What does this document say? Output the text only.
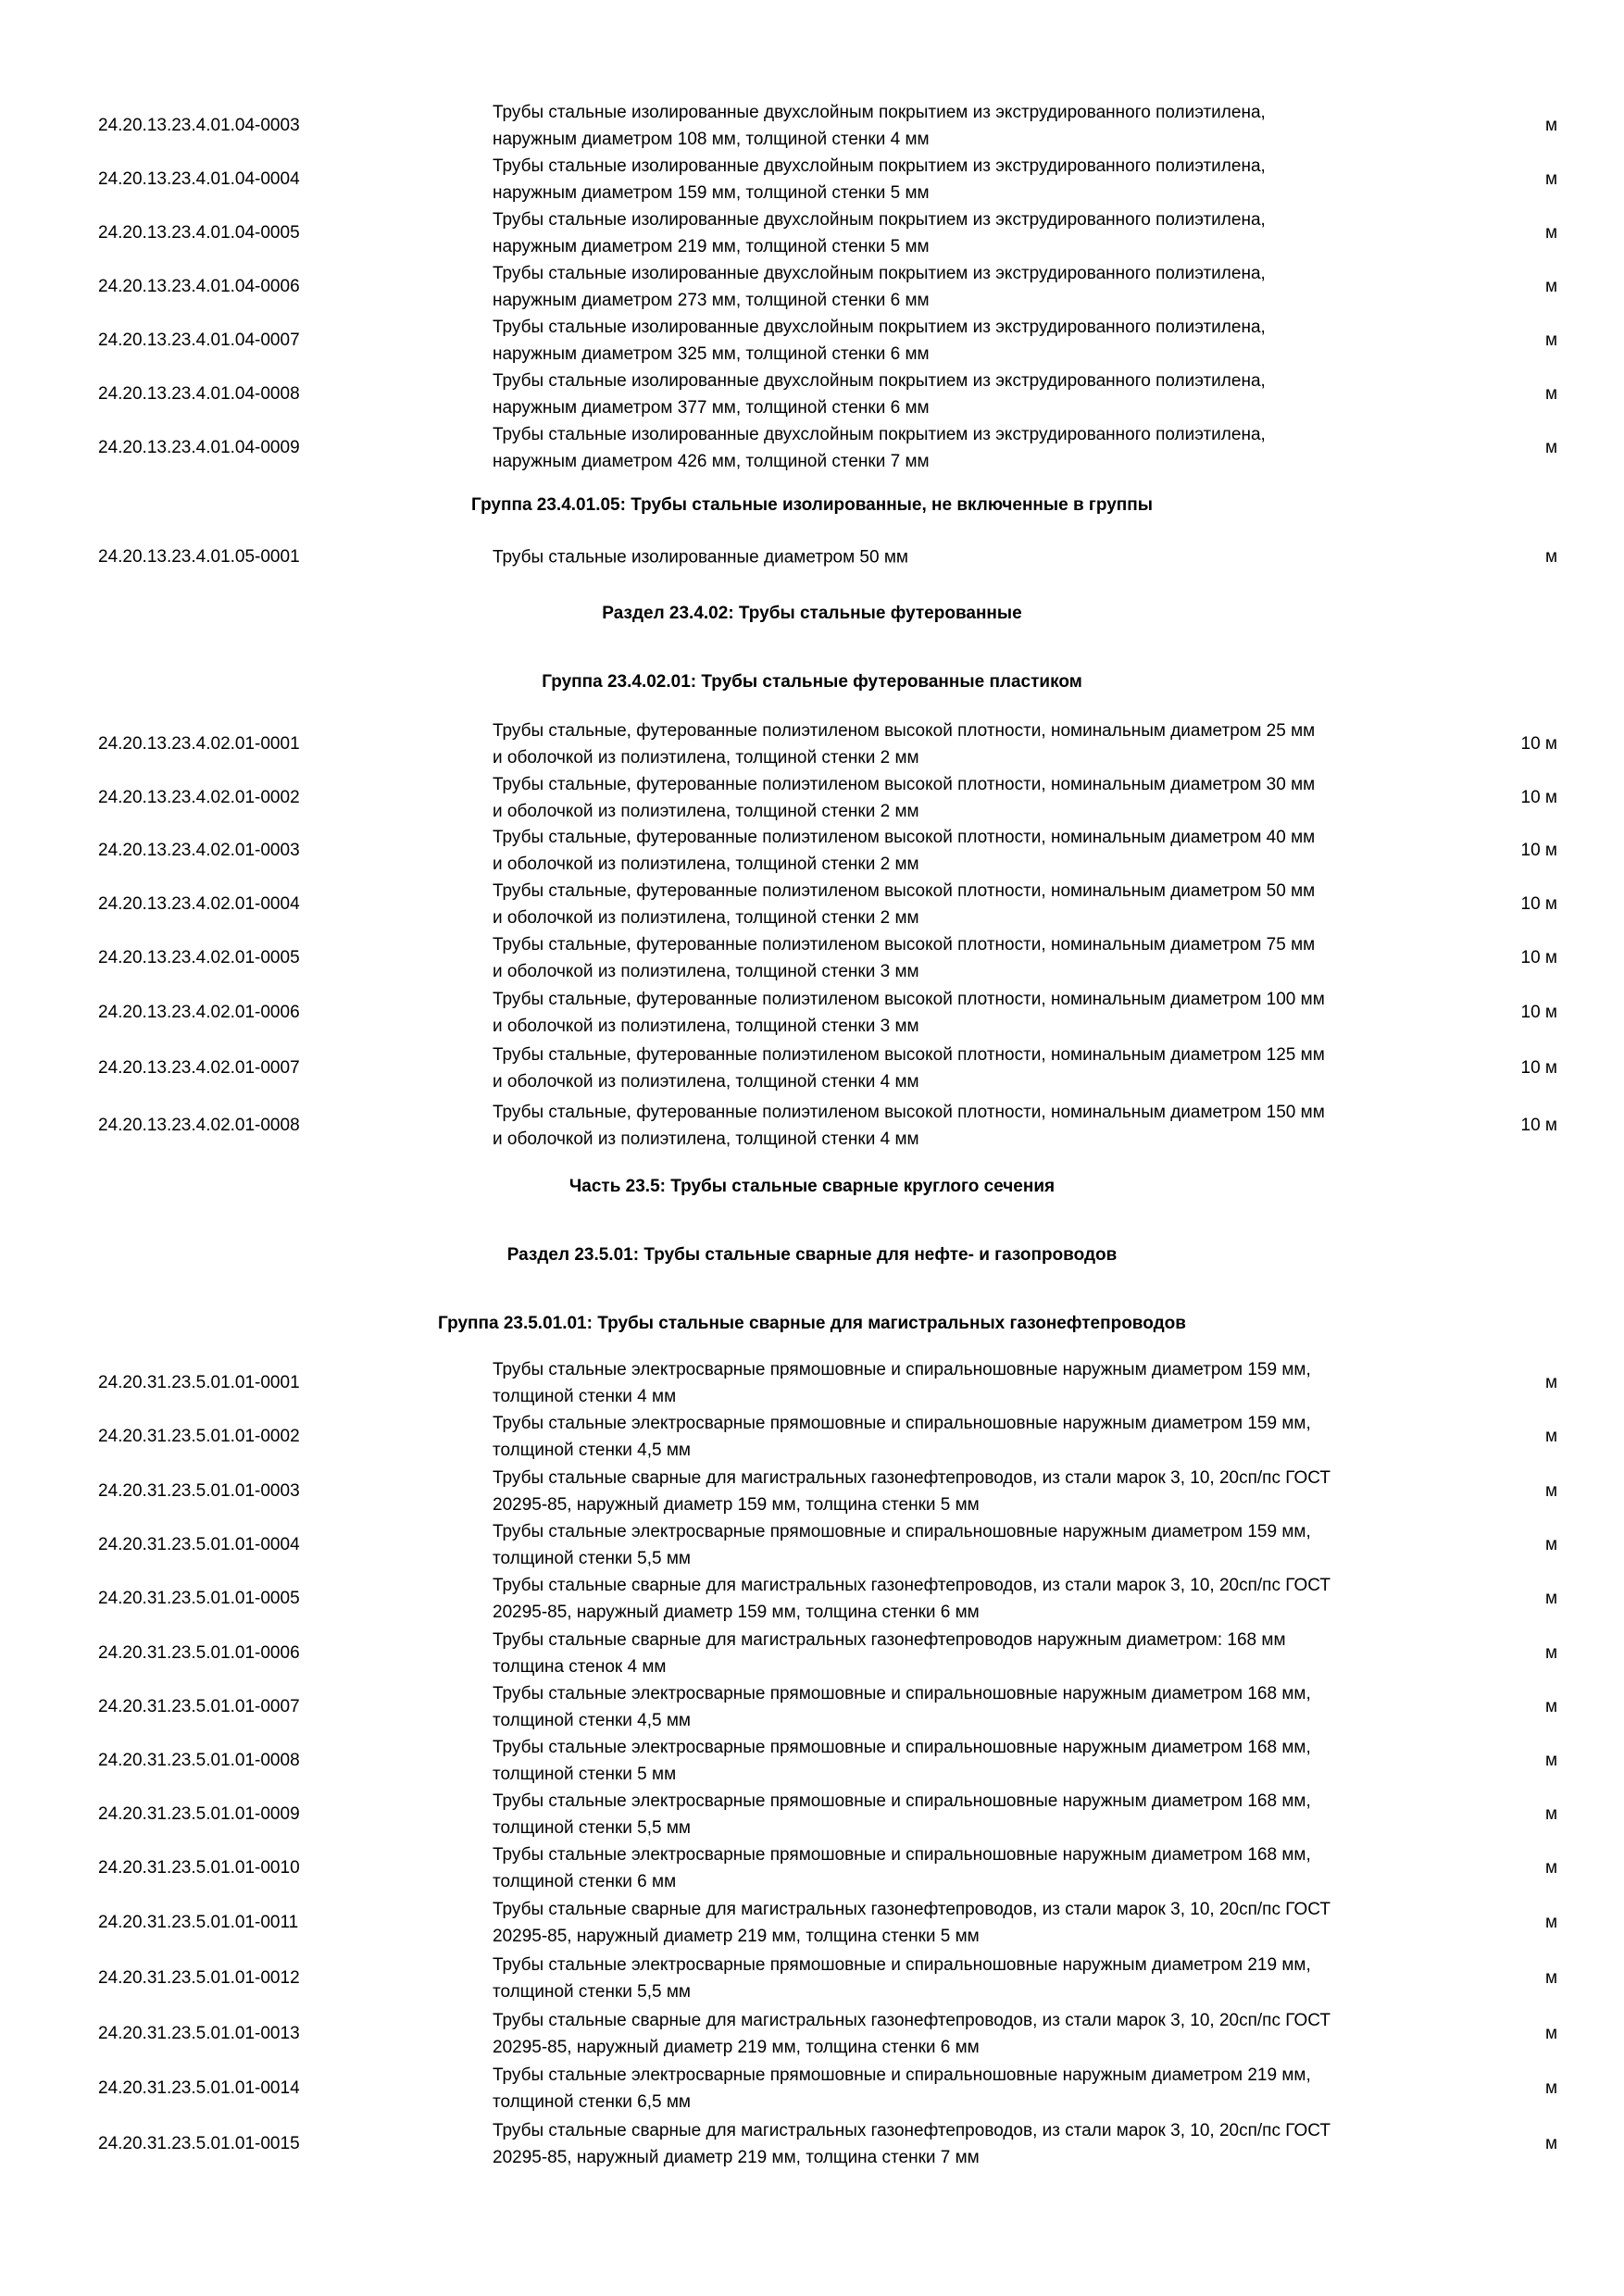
24.20.13.23.4.01.04-0003
Трубы стальные изолированные двухслойным покрытием из экструдированного полиэтилена,
наружным диаметром 108 мм, толщиной стенки 4 мм
м
24.20.13.23.4.01.04-0004
Трубы стальные изолированные двухслойным покрытием из экструдированного полиэтилена,
наружным диаметром 159 мм, толщиной стенки 5 мм
м
24.20.13.23.4.01.04-0005
Трубы стальные изолированные двухслойным покрытием из экструдированного полиэтилена,
наружным диаметром 219 мм, толщиной стенки 5 мм
м
24.20.13.23.4.01.04-0006
Трубы стальные изолированные двухслойным покрытием из экструдированного полиэтилена,
наружным диаметром 273 мм, толщиной стенки 6 мм
м
24.20.13.23.4.01.04-0007
Трубы стальные изолированные двухслойным покрытием из экструдированного полиэтилена,
наружным диаметром 325 мм, толщиной стенки 6 мм
м
24.20.13.23.4.01.04-0008
Трубы стальные изолированные двухслойным покрытием из экструдированного полиэтилена,
наружным диаметром 377 мм, толщиной стенки 6 мм
м
24.20.13.23.4.01.04-0009
Трубы стальные изолированные двухслойным покрытием из экструдированного полиэтилена,
наружным диаметром 426 мм, толщиной стенки 7 мм
м
Группа 23.4.01.05: Трубы стальные изолированные, не включенные в группы
24.20.13.23.4.01.05-0001	Трубы стальные изолированные диаметром 50 мм	м
Раздел 23.4.02: Трубы стальные футерованные
Группа 23.4.02.01: Трубы стальные футерованные пластиком
24.20.13.23.4.02.01-0001
Трубы стальные, футерованные полиэтиленом высокой плотности, номинальным диаметром 25 мм
и оболочкой из полиэтилена, толщиной стенки 2 мм
10 м
24.20.13.23.4.02.01-0002
Трубы стальные, футерованные полиэтиленом высокой плотности, номинальным диаметром 30 мм
и оболочкой из полиэтилена, толщиной стенки 2 мм
10 м
24.20.13.23.4.02.01-0003
Трубы стальные, футерованные полиэтиленом высокой плотности, номинальным диаметром 40 мм
и оболочкой из полиэтилена, толщиной стенки 2 мм
10 м
24.20.13.23.4.02.01-0004
Трубы стальные, футерованные полиэтиленом высокой плотности, номинальным диаметром 50 мм
и оболочкой из полиэтилена, толщиной стенки 2 мм
10 м
24.20.13.23.4.02.01-0005
Трубы стальные, футерованные полиэтиленом высокой плотности, номинальным диаметром 75 мм
и оболочкой из полиэтилена, толщиной стенки 3 мм
10 м
24.20.13.23.4.02.01-0006
Трубы стальные, футерованные полиэтиленом высокой плотности, номинальным диаметром 100 мм
и оболочкой из полиэтилена, толщиной стенки 3 мм
10 м
24.20.13.23.4.02.01-0007
Трубы стальные, футерованные полиэтиленом высокой плотности, номинальным диаметром 125 мм
и оболочкой из полиэтилена, толщиной стенки 4 мм
10 м
24.20.13.23.4.02.01-0008
Трубы стальные, футерованные полиэтиленом высокой плотности, номинальным диаметром 150 мм
и оболочкой из полиэтилена, толщиной стенки 4 мм
10 м
Часть 23.5: Трубы стальные сварные круглого сечения
Раздел 23.5.01: Трубы стальные сварные для нефте- и газопроводов
Группа 23.5.01.01: Трубы стальные сварные для магистральных газонефтепроводов
24.20.31.23.5.01.01-0001
Трубы стальные электросварные прямошовные и спиральношовные наружным диаметром 159 мм,
толщиной стенки 4 мм
м
24.20.31.23.5.01.01-0002
Трубы стальные электросварные прямошовные и спиральношовные наружным диаметром 159 мм,
толщиной стенки 4,5 мм
м
24.20.31.23.5.01.01-0003
Трубы стальные сварные для магистральных газонефтепроводов, из стали марок 3, 10, 20сп/пс ГОСТ
20295-85, наружный диаметр 159 мм, толщина стенки 5 мм
м
24.20.31.23.5.01.01-0004
Трубы стальные электросварные прямошовные и спиральношовные наружным диаметром 159 мм,
толщиной стенки 5,5 мм
м
24.20.31.23.5.01.01-0005
Трубы стальные сварные для магистральных газонефтепроводов, из стали марок 3, 10, 20сп/пс ГОСТ
20295-85, наружный диаметр 159 мм, толщина стенки 6 мм
м
24.20.31.23.5.01.01-0006
Трубы стальные сварные для магистральных газонефтепроводов наружным диаметром: 168 мм
толщина стенок 4 мм
м
24.20.31.23.5.01.01-0007
Трубы стальные электросварные прямошовные и спиральношовные наружным диаметром 168 мм,
толщиной стенки 4,5 мм
м
24.20.31.23.5.01.01-0008
Трубы стальные электросварные прямошовные и спиральношовные наружным диаметром 168 мм,
толщиной стенки 5 мм
м
24.20.31.23.5.01.01-0009
Трубы стальные электросварные прямошовные и спиральношовные наружным диаметром 168 мм,
толщиной стенки 5,5 мм
м
24.20.31.23.5.01.01-0010
Трубы стальные электросварные прямошовные и спиральношовные наружным диаметром 168 мм,
толщиной стенки 6 мм
м
24.20.31.23.5.01.01-0011
Трубы стальные сварные для магистральных газонефтепроводов, из стали марок 3, 10, 20сп/пс ГОСТ
20295-85, наружный диаметр 219 мм, толщина стенки 5 мм
м
24.20.31.23.5.01.01-0012
Трубы стальные электросварные прямошовные и спиральношовные наружным диаметром 219 мм,
толщиной стенки 5,5 мм
м
24.20.31.23.5.01.01-0013
Трубы стальные сварные для магистральных газонефтепроводов, из стали марок 3, 10, 20сп/пс ГОСТ
20295-85, наружный диаметр 219 мм, толщина стенки 6 мм
м
24.20.31.23.5.01.01-0014
Трубы стальные электросварные прямошовные и спиральношовные наружным диаметром 219 мм,
толщиной стенки 6,5 мм
м
24.20.31.23.5.01.01-0015
Трубы стальные сварные для магистральных газонефтепроводов, из стали марок 3, 10, 20сп/пс ГОСТ
20295-85, наружный диаметр 219 мм, толщина стенки 7 мм
м
